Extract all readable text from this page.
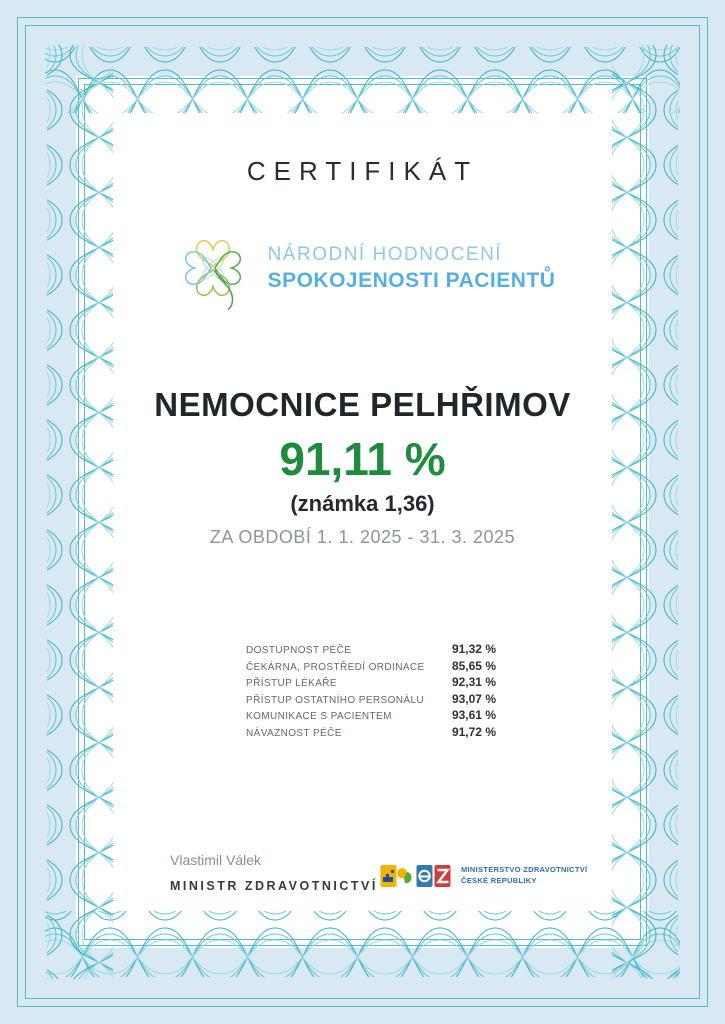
CERTIFIKÁT
NÁRODNÍ HODNOCENÍ
SPOKOJENOSTI PACIENTŮ
NEMOCNICE PELHŘIMOV
91,11 %
(známka 1,36)
ZA OBDOBÍ 1. 1. 2025 - 31. 3. 2025
DOSTUPNOST PÉČE	91,32 %
ČEKÁRNA, PROSTŘEDÍ ORDINACE 85,65 %
PŘÍSTUP LÉKAŘE	92,31 %
PŘÍSTUP OSTATNÍHO PERSONÁLU 93,07 %
KOMUNIKACE S PACIENTEM	93,61 %
NÁVAZNOST PÉČE	91,72 %
Vlastimil Válek
MINISTR ZDRAVOTNICTVÍ
MINISTERSTVO ZDRAVOTNICTVÍ
ČESKÉ REPUBLIKY
